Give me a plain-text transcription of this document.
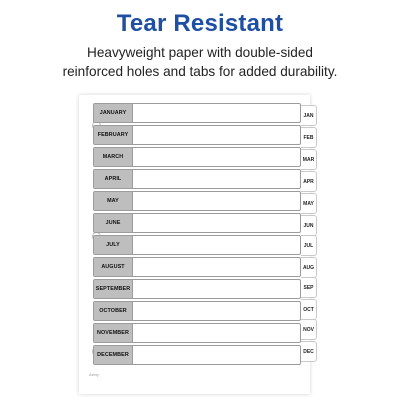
Tear Resistant
Heavyweight paper with double-sided
reinforced holes and tabs for added durability.
Avery
JANUARY
FEBRUARY
MARCH
APRIL
MAY
JUNE
JULY
AUGUST
SEPTEMBER
OCTOBER
NOVEMBER
DECEMBER
JAN
FEB
MAR
APR
MAY
JUN
JUL
AUG
SEP
OCT
NOV
DEC
